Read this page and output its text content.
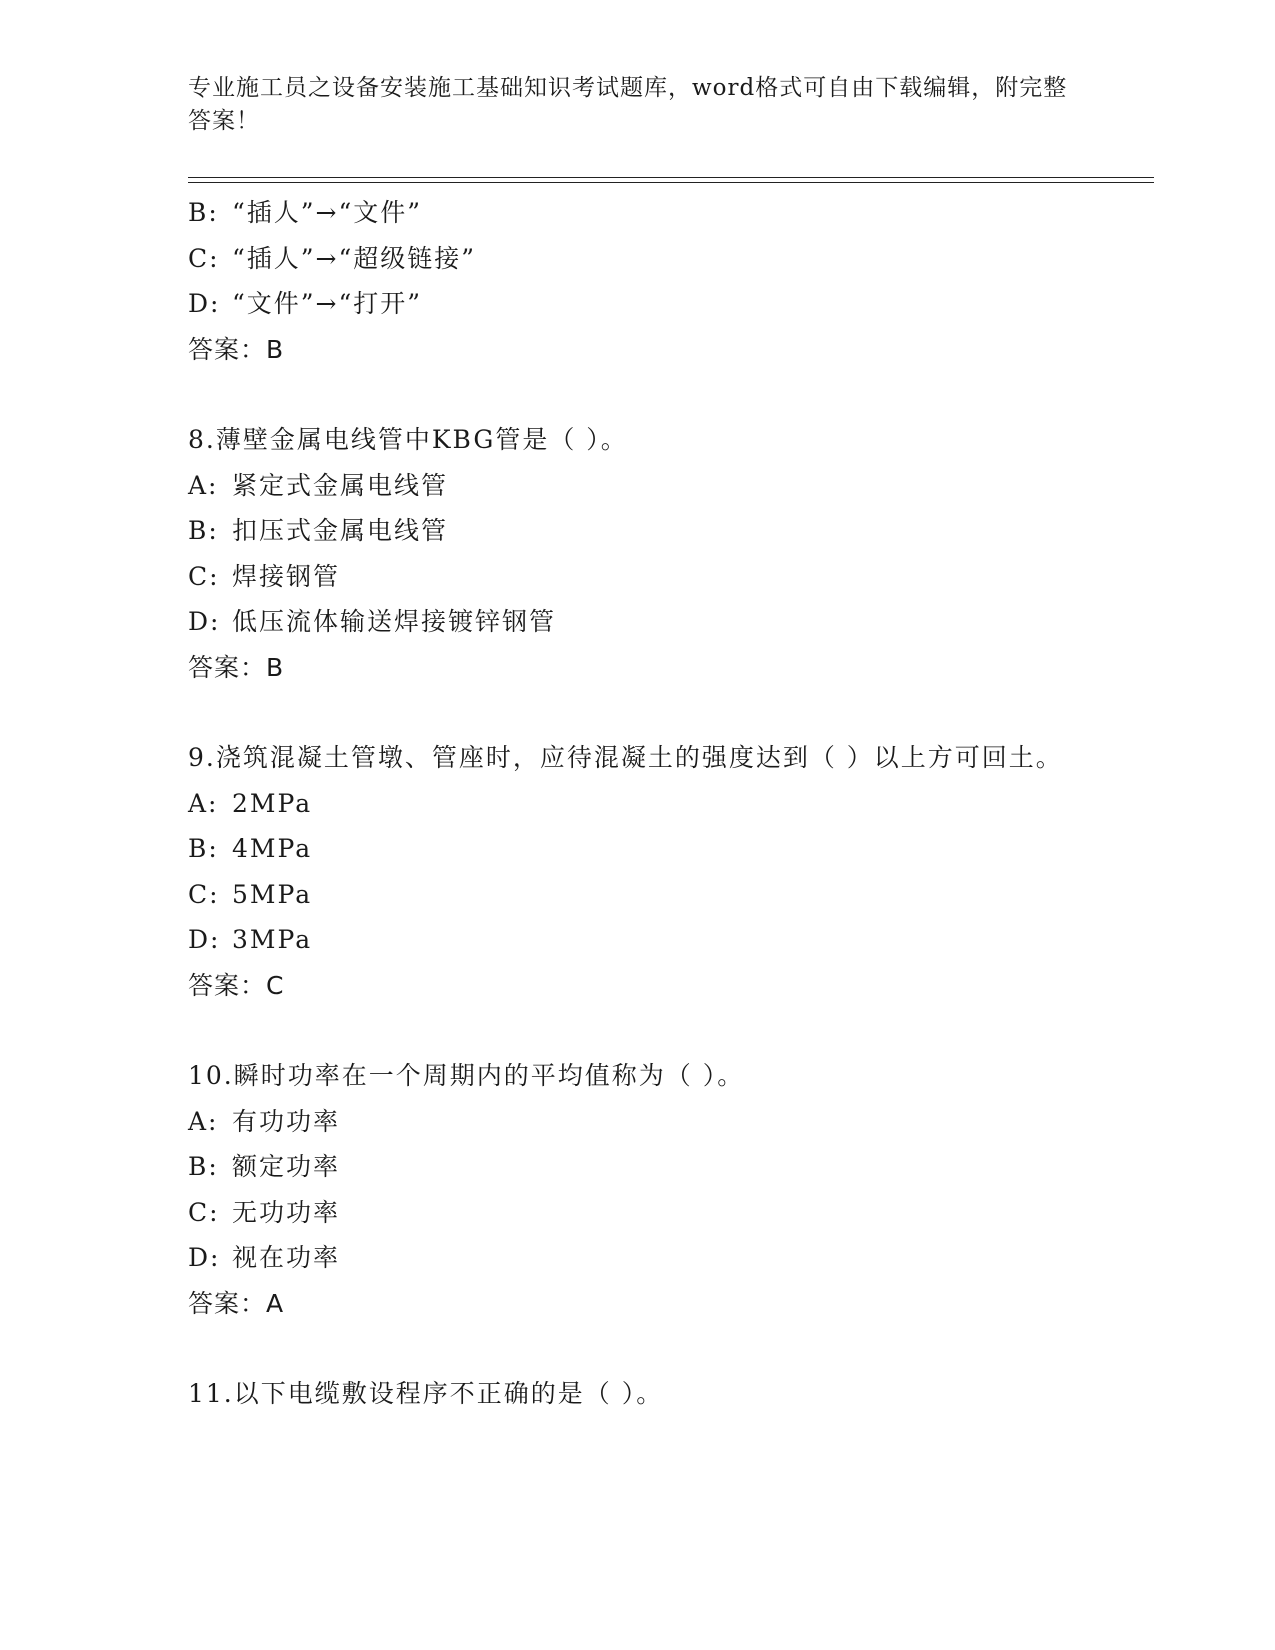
专业施工员之设备安装施工基础知识考试题库，word格式可自由下载编辑，附完整答案！
B: “插人”→“文件”
C: “插人”→“超级链接”
D: “文件”→“打开”
答案：B
8.薄壁金属电线管中KBG管是（ ）。
A: 紧定式金属电线管
B: 扣压式金属电线管
C: 焊接钢管
D: 低压流体输送焊接镀锌钢管
答案：B
9.浇筑混凝土管墩、管座时，应待混凝土的强度达到（ ）以上方可回土。
A: 2MPa
B: 4MPa
C: 5MPa
D: 3MPa
答案：C
10.瞬时功率在一个周期内的平均值称为（ ）。
A: 有功功率
B: 额定功率
C: 无功功率
D: 视在功率
答案：A
11.以下电缆敷设程序不正确的是（ ）。
